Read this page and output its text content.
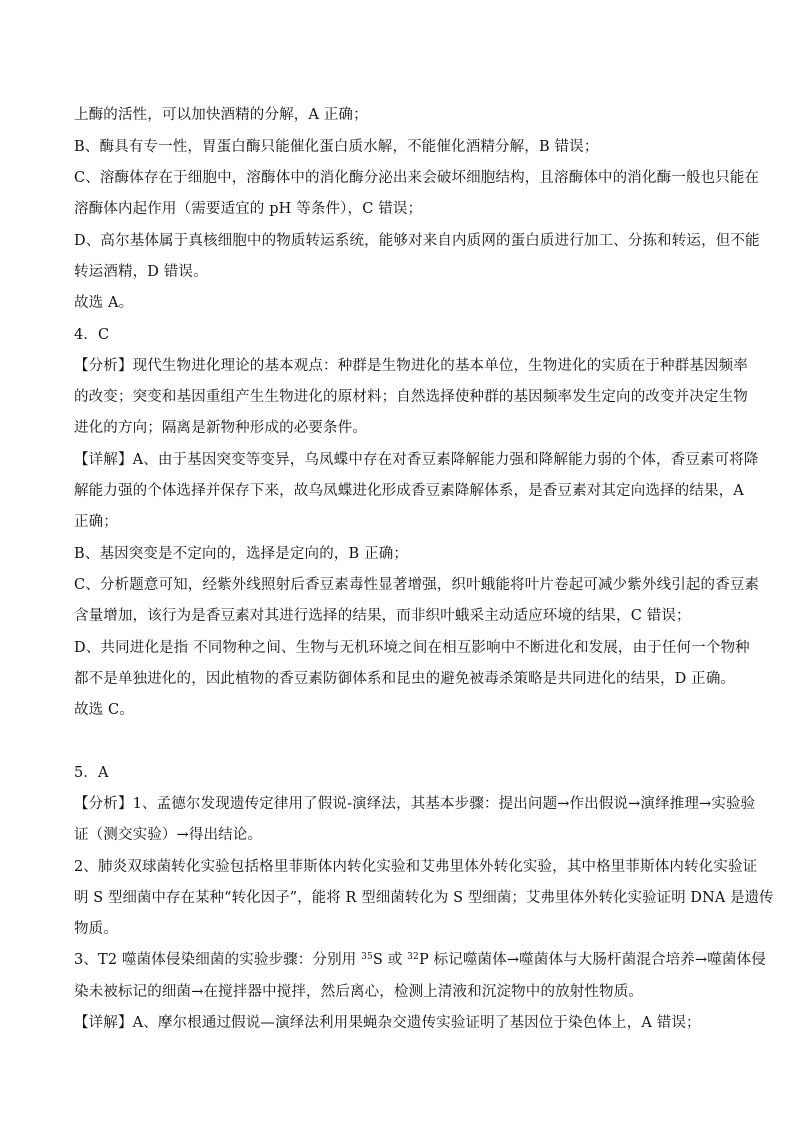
上酶的活性，可以加快酒精的分解，A 正确；
B、酶具有专一性，胃蛋白酶只能催化蛋白质水解，不能催化酒精分解，B 错误；
C、溶酶体存在于细胞中，溶酶体中的消化酶分泌出来会破坏细胞结构，且溶酶体中的消化酶一般也只能在
溶酶体内起作用（需要适宜的 pH 等条件），C 错误；
D、高尔基体属于真核细胞中的物质转运系统，能够对来自内质网的蛋白质进行加工、分拣和转运，但不能
转运酒精，D 错误。
故选 A。
4．C
【分析】现代生物进化理论的基本观点：种群是生物进化的基本单位，生物进化的实质在于种群基因频率
的改变；突变和基因重组产生生物进化的原材料；自然选择使种群的基因频率发生定向的改变并决定生物
进化的方向；隔离是新物种形成的必要条件。
【详解】A、由于基因突变等变异，乌凤蝶中存在对香豆素降解能力强和降解能力弱的个体，香豆素可将降
解能力强的个体选择并保存下来，故乌凤蝶进化形成香豆素降解体系，是香豆素对其定向选择的结果，A
正确；
B、基因突变是不定向的，选择是定向的，B 正确；
C、分析题意可知，经紫外线照射后香豆素毒性显著增强，织叶蛾能将叶片卷起可减少紫外线引起的香豆素
含量增加，该行为是香豆素对其进行选择的结果，而非织叶蛾采主动适应环境的结果，C 错误；
D、共同进化是指 不同物种之间、生物与无机环境之间在相互影响中不断进化和发展，由于任何一个物种
都不是单独进化的，因此植物的香豆素防御体系和昆虫的避免被毒杀策略是共同进化的结果，D 正确。
故选 C。
5．A
【分析】1、孟德尔发现遗传定律用了假说-演绎法，其基本步骤：提出问题→作出假说→演绎推理→实验验
证（测交实验）→得出结论。
2、肺炎双球菌转化实验包括格里菲斯体内转化实验和艾弗里体外转化实验，其中格里菲斯体内转化实验证
明 S 型细菌中存在某种“转化因子”，能将 R 型细菌转化为 S 型细菌；艾弗里体外转化实验证明 DNA 是遗传
物质。
3、T2 噬菌体侵染细菌的实验步骤：分别用 $^{35}$S 或 $^{32}$P 标记噬菌体→噬菌体与大肠杆菌混合培养→噬菌体侵
染未被标记的细菌→在搅拌器中搅拌，然后离心，检测上清液和沉淀物中的放射性物质。
【详解】A、摩尔根通过假说—演绎法利用果蝇杂交遗传实验证明了基因位于染色体上，A 错误；
